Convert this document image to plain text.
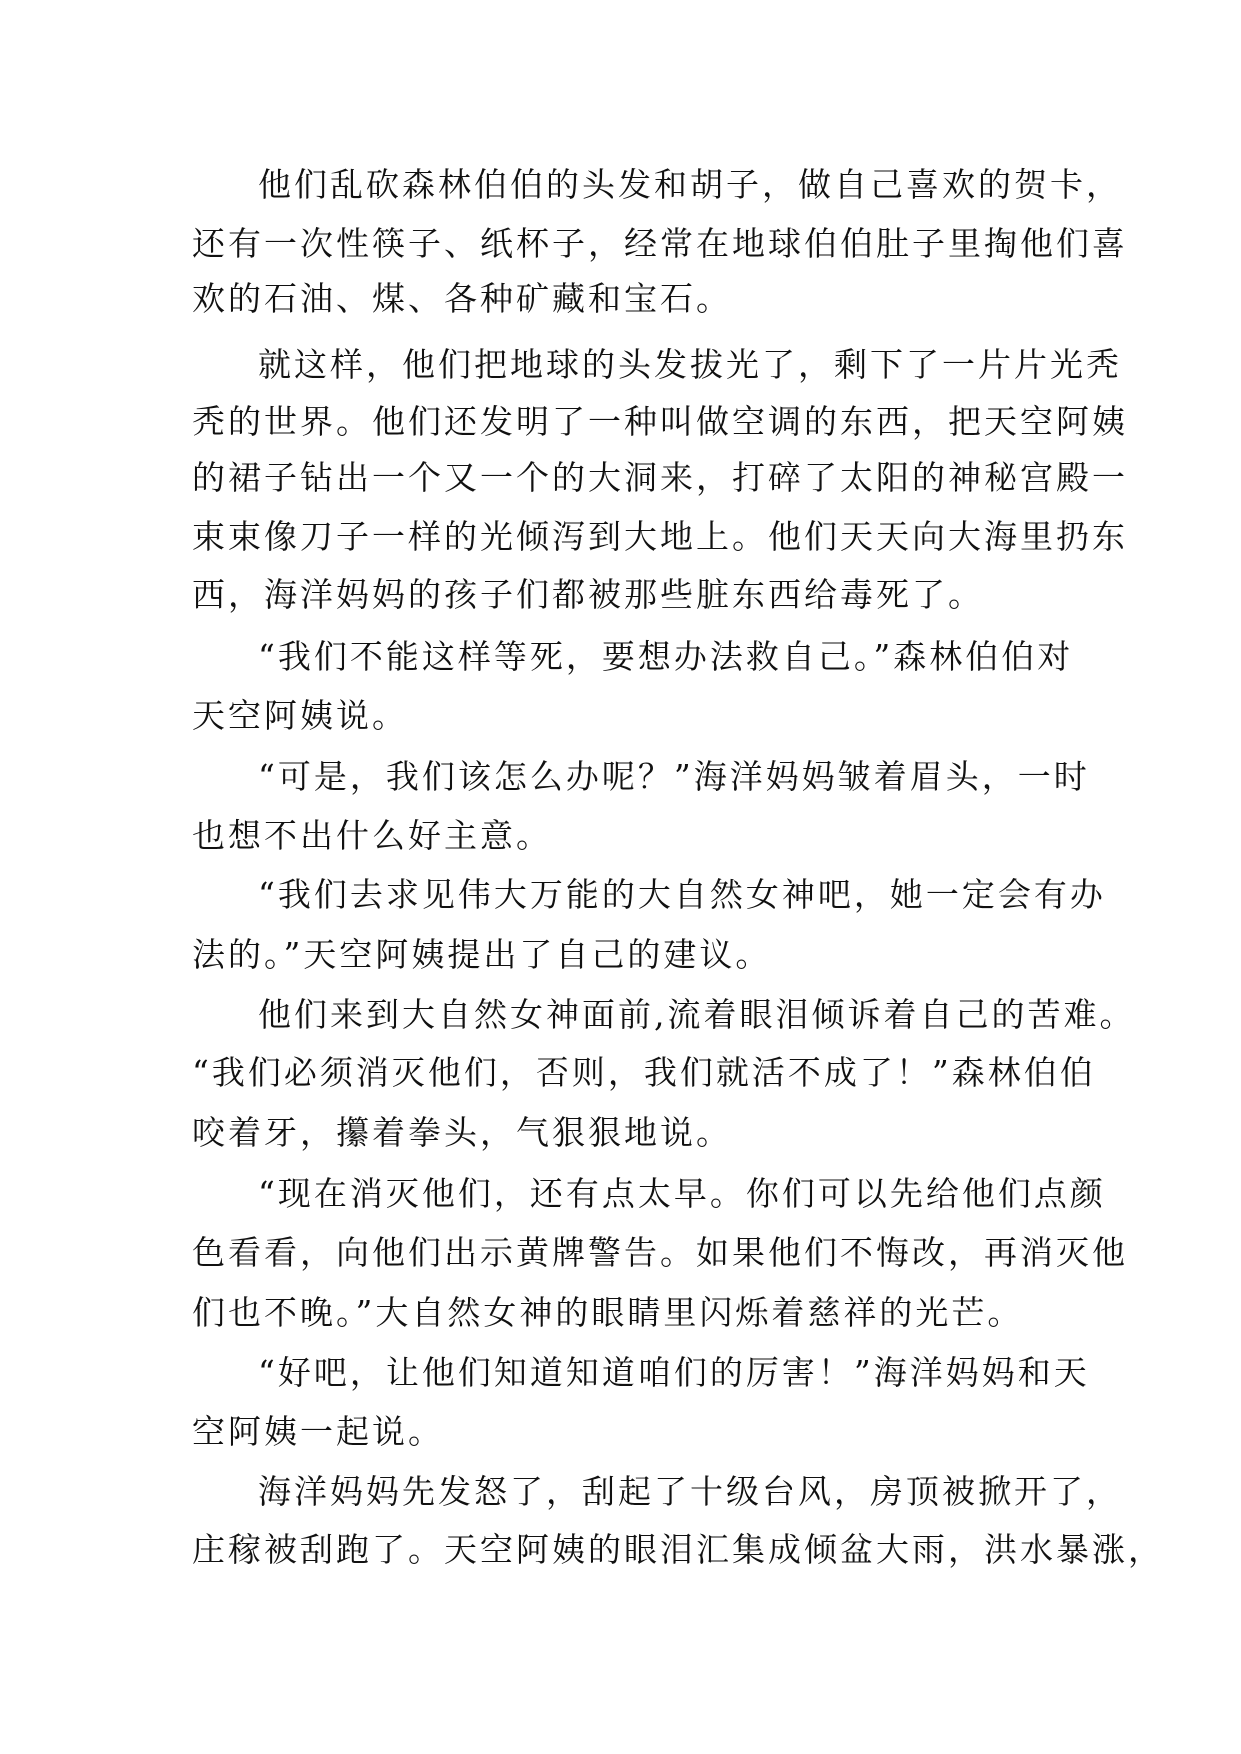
他们乱砍森林伯伯的头发和胡子，做自己喜欢的贺卡，
还有一次性筷子、纸杯子，经常在地球伯伯肚子里掏他们喜
欢的石油、煤、各种矿藏和宝石。
就这样，他们把地球的头发拔光了，剩下了一片片光秃
秃的世界。他们还发明了一种叫做空调的东西，把天空阿姨
的裙子钻出一个又一个的大洞来，打碎了太阳的神秘宫殿一
束束像刀子一样的光倾泻到大地上。他们天天向大海里扔东
西，海洋妈妈的孩子们都被那些脏东西给毒死了。
“我们不能这样等死，要想办法救自己。”森林伯伯对
天空阿姨说。
“可是，我们该怎么办呢？”海洋妈妈皱着眉头，一时
也想不出什么好主意。
“我们去求见伟大万能的大自然女神吧，她一定会有办
法的。”天空阿姨提出了自己的建议。
他们来到大自然女神面前,流着眼泪倾诉着自己的苦难。
“我们必须消灭他们，否则，我们就活不成了！”森林伯伯
咬着牙，攥着拳头，气狠狠地说。
“现在消灭他们，还有点太早。你们可以先给他们点颜
色看看，向他们出示黄牌警告。如果他们不悔改，再消灭他
们也不晚。”大自然女神的眼睛里闪烁着慈祥的光芒。
“好吧，让他们知道知道咱们的厉害！”海洋妈妈和天
空阿姨一起说。
海洋妈妈先发怒了，刮起了十级台风，房顶被掀开了，
庄稼被刮跑了。天空阿姨的眼泪汇集成倾盆大雨，洪水暴涨，
